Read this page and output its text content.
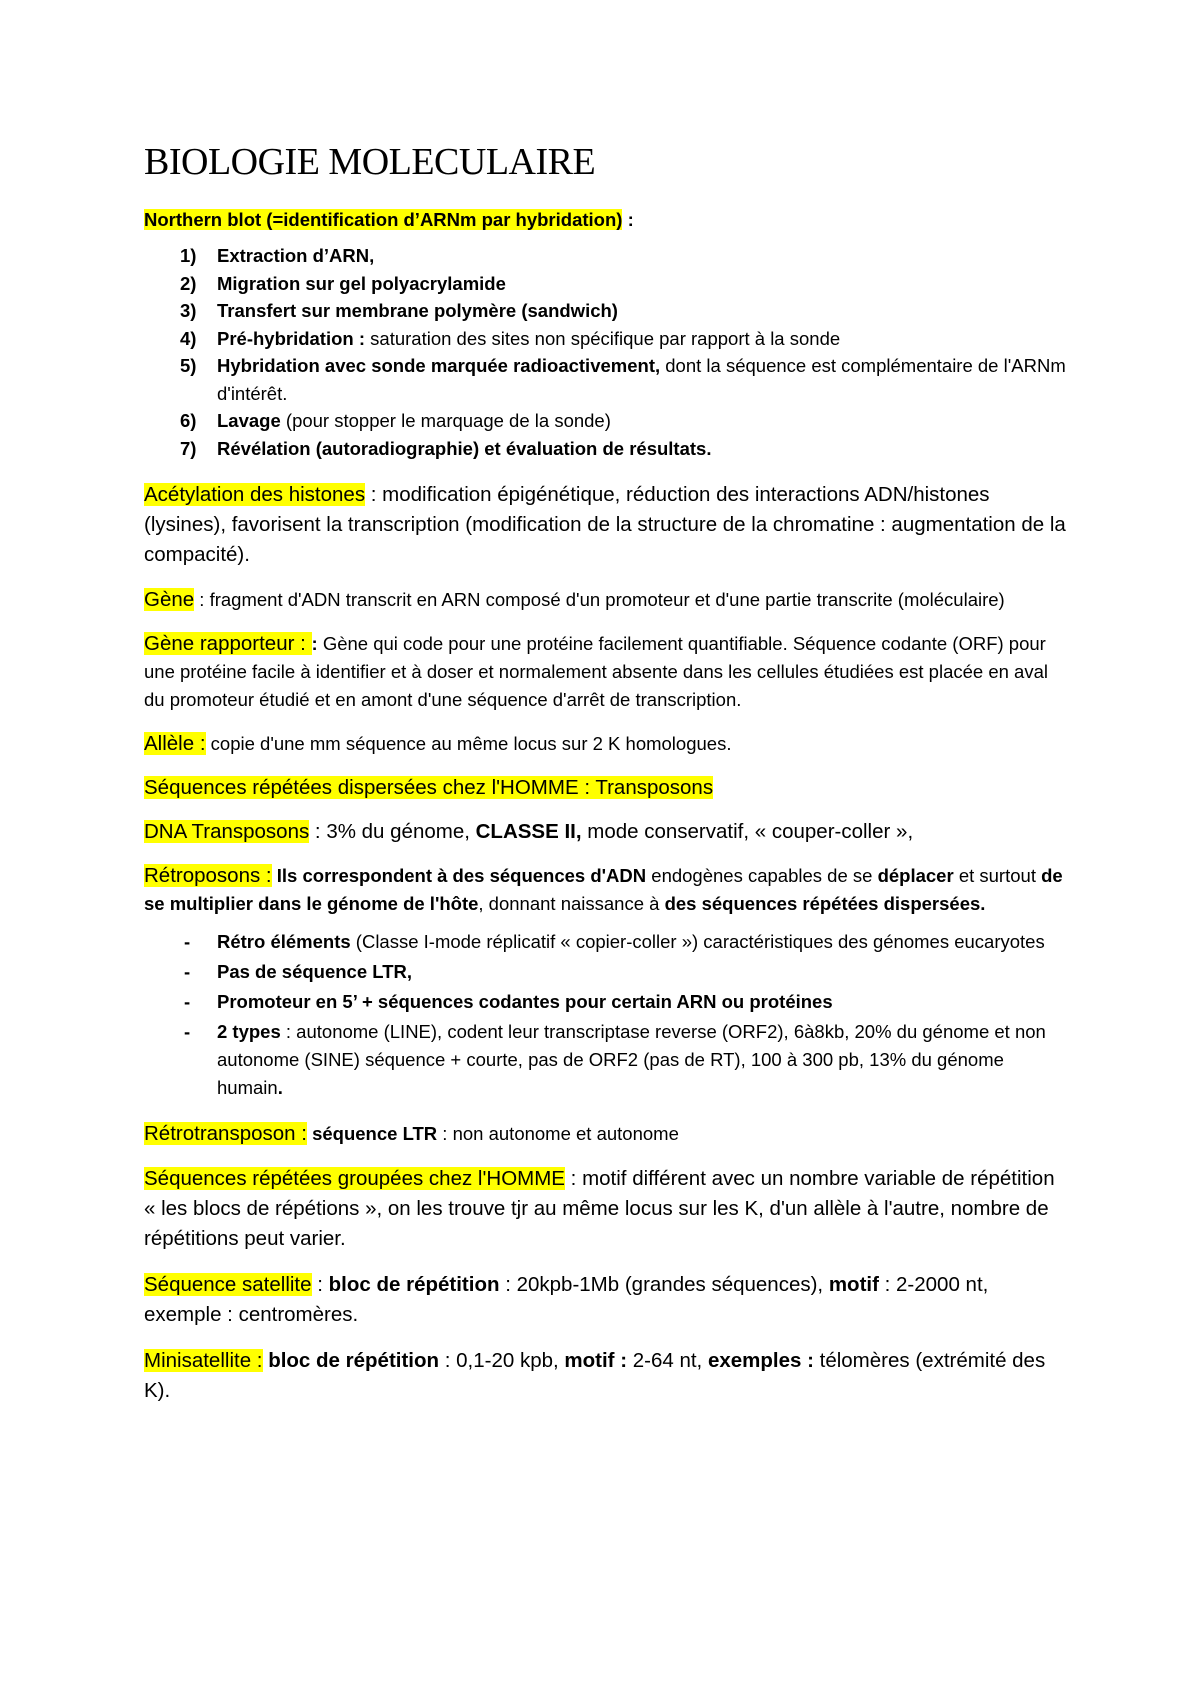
BIOLOGIE MOLECULAIRE

Northern blot (=identification d’ARNm par hybridation) :

1) Extraction d’ARN,
2) Migration sur gel polyacrylamide
3) Transfert sur membrane polymère (sandwich)
4) Pré-hybridation : saturation des sites non spécifique par rapport à la sonde
5) Hybridation avec sonde marquée radioactivement, dont la séquence est complémentaire de l'ARNm d'intérêt.
6) Lavage (pour stopper le marquage de la sonde)
7) Révélation (autoradiographie) et évaluation de résultats.

Acétylation des histones : modification épigénétique, réduction des interactions ADN/histones (lysines), favorisent la transcription (modification de la structure de la chromatine : augmentation de la compacité).

Gène : fragment d'ADN transcrit en ARN composé d'un promoteur et d'une partie transcrite (moléculaire)

Gène rapporteur : : Gène qui code pour une protéine facilement quantifiable. Séquence codante (ORF) pour une protéine facile à identifier et à doser et normalement absente dans les cellules étudiées est placée en aval du promoteur étudié et en amont d'une séquence d'arrêt de transcription.

Allèle : copie d'une mm séquence au même locus sur 2 K homologues.

Séquences répétées dispersées chez l'HOMME : Transposons

DNA Transposons : 3% du génome, CLASSE II, mode conservatif, « couper-coller »,

Rétroposons : Ils correspondent à des séquences d'ADN endogènes capables de se déplacer et surtout de se multiplier dans le génome de l'hôte, donnant naissance à des séquences répétées dispersées.

- Rétro éléments (Classe I-mode réplicatif « copier-coller ») caractéristiques des génomes eucaryotes
- Pas de séquence LTR,
- Promoteur en 5’ + séquences codantes pour certain ARN ou protéines
- 2 types : autonome (LINE), codent leur transcriptase reverse (ORF2), 6à8kb, 20% du génome et non autonome (SINE) séquence + courte, pas de ORF2 (pas de RT), 100 à 300 pb, 13% du génome humain.

Rétrotransposon : séquence LTR : non autonome et autonome

Séquences répétées groupées chez l'HOMME : motif différent avec un nombre variable de répétition « les blocs de répétions », on les trouve tjr au même locus sur les K, d'un allèle à l'autre, nombre de répétitions peut varier.

Séquence satellite : bloc de répétition : 20kpb-1Mb (grandes séquences), motif : 2-2000 nt, exemple : centromères.

Minisatellite : bloc de répétition : 0,1-20 kpb, motif : 2-64 nt, exemples : télomères (extrémité des K).
